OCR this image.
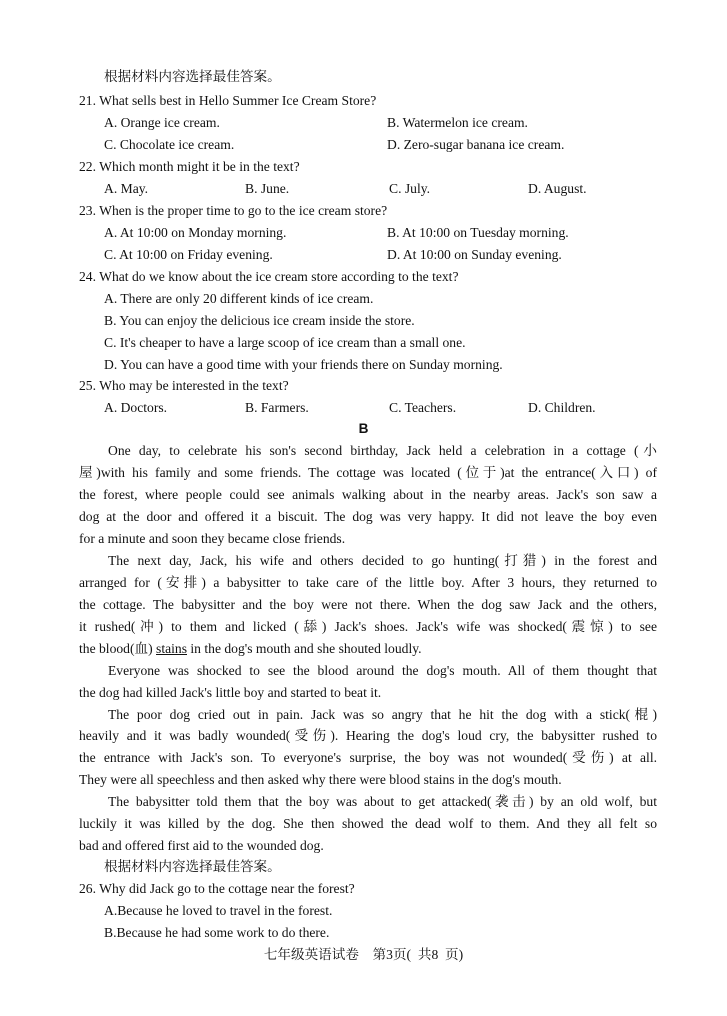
根据材料内容选择最佳答案。
21. What sells best in Hello Summer Ice Cream Store?
A. Orange ice cream.	B. Watermelon ice cream.
C. Chocolate ice cream.	D. Zero-sugar banana ice cream.
22. Which month might it be in the text?
A. May.	B. June.	C. July.	D. August.
23. When is the proper time to go to the ice cream store?
A. At 10:00 on Monday morning.	B. At 10:00 on Tuesday morning.
C. At 10:00 on Friday evening.	D. At 10:00 on Sunday evening.
24. What do we know about the ice cream store according to the text?
A. There are only 20 different kinds of ice cream.
B. You can enjoy the delicious ice cream inside the store.
C. It's cheaper to have a large scoop of ice cream than a small one.
D. You can have a good time with your friends there on Sunday morning.
25. Who may be interested in the text?
A. Doctors.	B. Farmers.	C. Teachers.	D. Children.
B
One day, to celebrate his son's second birthday, Jack held a celebration in a cottage (小
屋)with his family and some friends. The cottage was located (位于)at the entrance(入口) of
the forest, where people could see animals walking about in the nearby areas. Jack's son saw a
dog at the door and offered it a biscuit. The dog was very happy. It did not leave the boy even
for a minute and soon they became close friends.
The next day, Jack, his wife and others decided to go hunting(打猎) in the forest and
arranged for (安排) a babysitter to take care of the little boy. After 3 hours, they returned to
the cottage. The babysitter and the boy were not there. When the dog saw Jack and the others,
it rushed(冲) to them and licked (舔) Jack's shoes. Jack's wife was shocked(震惊) to see
the blood(血) stains in the dog's mouth and she shouted loudly.
Everyone was shocked to see the blood around the dog's mouth. All of them thought that
the dog had killed Jack's little boy and started to beat it.
The poor dog cried out in pain. Jack was so angry that he hit the dog with a stick(棍)
heavily and it was badly wounded(受伤). Hearing the dog's loud cry, the babysitter rushed to
the entrance with Jack's son. To everyone's surprise, the boy was not wounded(受伤) at all.
They were all speechless and then asked why there were blood stains in the dog's mouth.
The babysitter told them that the boy was about to get attacked(袭击) by an old wolf, but
luckily it was killed by the dog. She then showed the dead wolf to them. And they all felt so
bad and offered first aid to the wounded dog.
根据材料内容选择最佳答案。
26. Why did Jack go to the cottage near the forest?
A.Because he loved to travel in the forest.
B.Because he had some work to do there.
七年级英语试卷    第3页(  共8  页)
